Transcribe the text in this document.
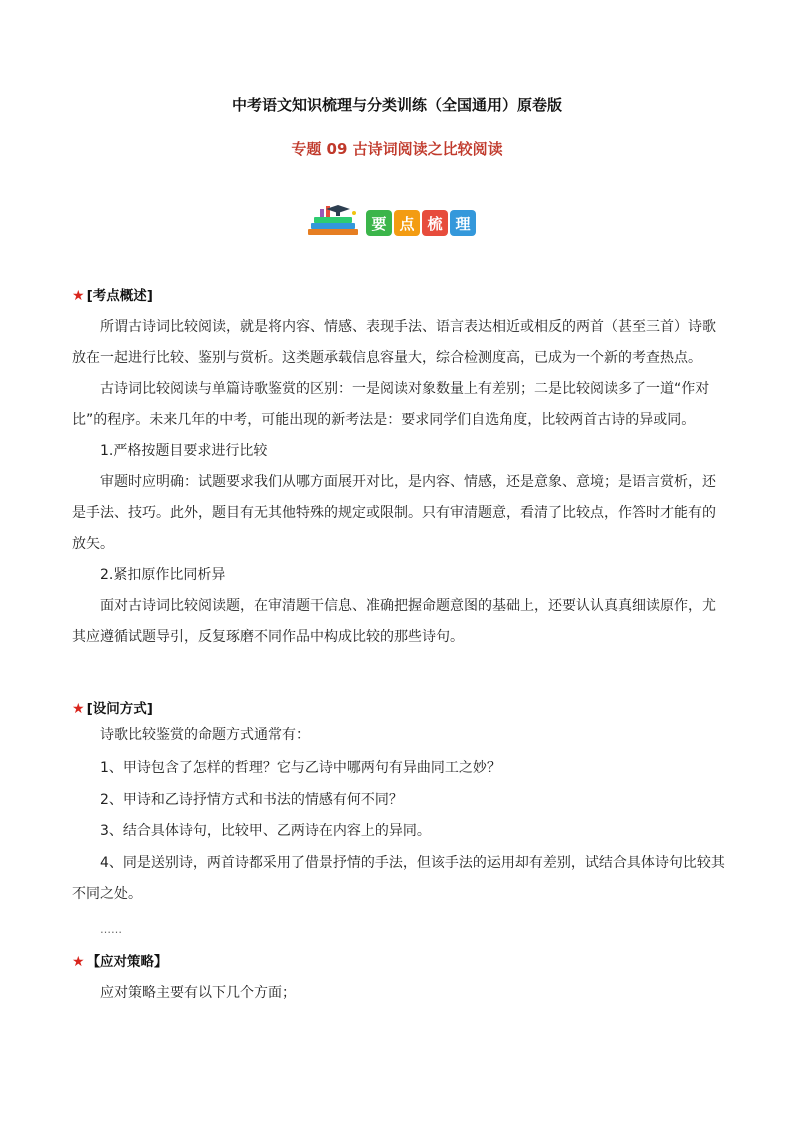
中考语文知识梳理与分类训练（全国通用）原卷版
专题 09 古诗词阅读之比较阅读
要 点 梳 理
★ [考点概述]
所谓古诗词比较阅读，就是将内容、情感、表现手法、语言表达相近或相反的两首（甚至三首）诗歌放在一起进行比较、鉴别与赏析。这类题承载信息容量大，综合检测度高，已成为一个新的考查热点。
古诗词比较阅读与单篇诗歌鉴赏的区别：一是阅读对象数量上有差别；二是比较阅读多了一道“作对比”的程序。未来几年的中考，可能出现的新考法是：要求同学们自选角度，比较两首古诗的异或同。
1.严格按题目要求进行比较
审题时应明确：试题要求我们从哪方面展开对比，是内容、情感，还是意象、意境；是语言赏析，还是手法、技巧。此外，题目有无其他特殊的规定或限制。只有审清题意，看清了比较点，作答时才能有的放矢。
2.紧扣原作比同析异
面对古诗词比较阅读题，在审清题干信息、准确把握命题意图的基础上，还要认认真真细读原作，尤其应遵循试题导引，反复琢磨不同作品中构成比较的那些诗句。
★ [设问方式]
诗歌比较鉴赏的命题方式通常有：
1、甲诗包含了怎样的哲理？它与乙诗中哪两句有异曲同工之妙？
2、甲诗和乙诗抒情方式和书法的情感有何不同？
3、结合具体诗句，比较甲、乙两诗在内容上的异同。
4、同是送别诗，两首诗都采用了借景抒情的手法，但该手法的运用却有差别，试结合具体诗句比较其不同之处。
……
★ 【应对策略】
应对策略主要有以下几个方面；
